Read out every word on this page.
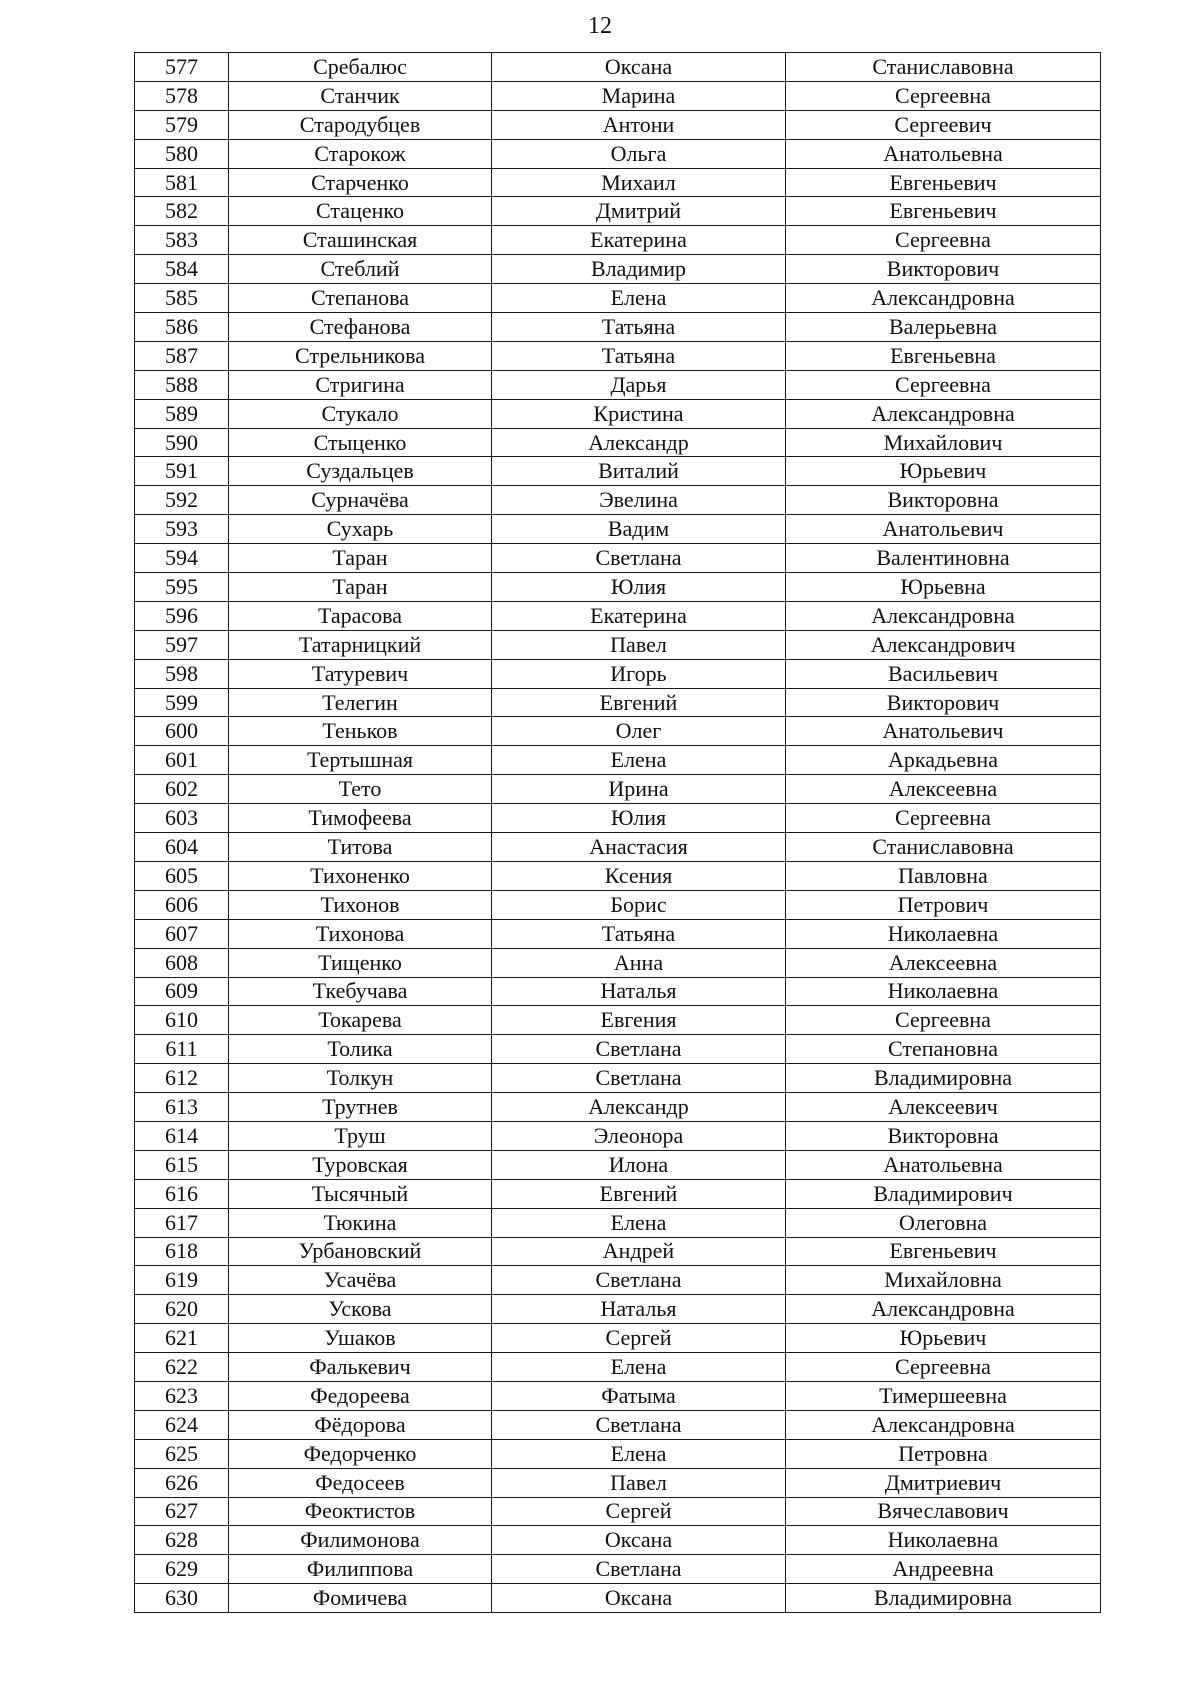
12
577	Сребалюс	Оксана	Станиславовна
578	Станчик	Марина	Сергеевна
579	Стародубцев	Антони	Сергеевич
580	Старокож	Ольга	Анатольевна
581	Старченко	Михаил	Евгеньевич
582	Стаценко	Дмитрий	Евгеньевич
583	Сташинская	Екатерина	Сергеевна
584	Стеблий	Владимир	Викторович
585	Степанова	Елена	Александровна
586	Стефанова	Татьяна	Валерьевна
587	Стрельникова	Татьяна	Евгеньевна
588	Стригина	Дарья	Сергеевна
589	Стукало	Кристина	Александровна
590	Стыценко	Александр	Михайлович
591	Суздальцев	Виталий	Юрьевич
592	Сурначёва	Эвелина	Викторовна
593	Сухарь	Вадим	Анатольевич
594	Таран	Светлана	Валентиновна
595	Таран	Юлия	Юрьевна
596	Тарасова	Екатерина	Александровна
597	Татарницкий	Павел	Александрович
598	Татуревич	Игорь	Васильевич
599	Телегин	Евгений	Викторович
600	Теньков	Олег	Анатольевич
601	Тертышная	Елена	Аркадьевна
602	Тето	Ирина	Алексеевна
603	Тимофеева	Юлия	Сергеевна
604	Титова	Анастасия	Станиславовна
605	Тихоненко	Ксения	Павловна
606	Тихонов	Борис	Петрович
607	Тихонова	Татьяна	Николаевна
608	Тищенко	Анна	Алексеевна
609	Ткебучава	Наталья	Николаевна
610	Токарева	Евгения	Сергеевна
611	Толика	Светлана	Степановна
612	Толкун	Светлана	Владимировна
613	Трутнев	Александр	Алексеевич
614	Труш	Элеонора	Викторовна
615	Туровская	Илона	Анатольевна
616	Тысячный	Евгений	Владимирович
617	Тюкина	Елена	Олеговна
618	Урбановский	Андрей	Евгеньевич
619	Усачёва	Светлана	Михайловна
620	Ускова	Наталья	Александровна
621	Ушаков	Сергей	Юрьевич
622	Фалькевич	Елена	Сергеевна
623	Федореева	Фатыма	Тимершеевна
624	Фёдорова	Светлана	Александровна
625	Федорченко	Елена	Петровна
626	Федосеев	Павел	Дмитриевич
627	Феоктистов	Сергей	Вячеславович
628	Филимонова	Оксана	Николаевна
629	Филиппова	Светлана	Андреевна
630	Фомичева	Оксана	Владимировна
